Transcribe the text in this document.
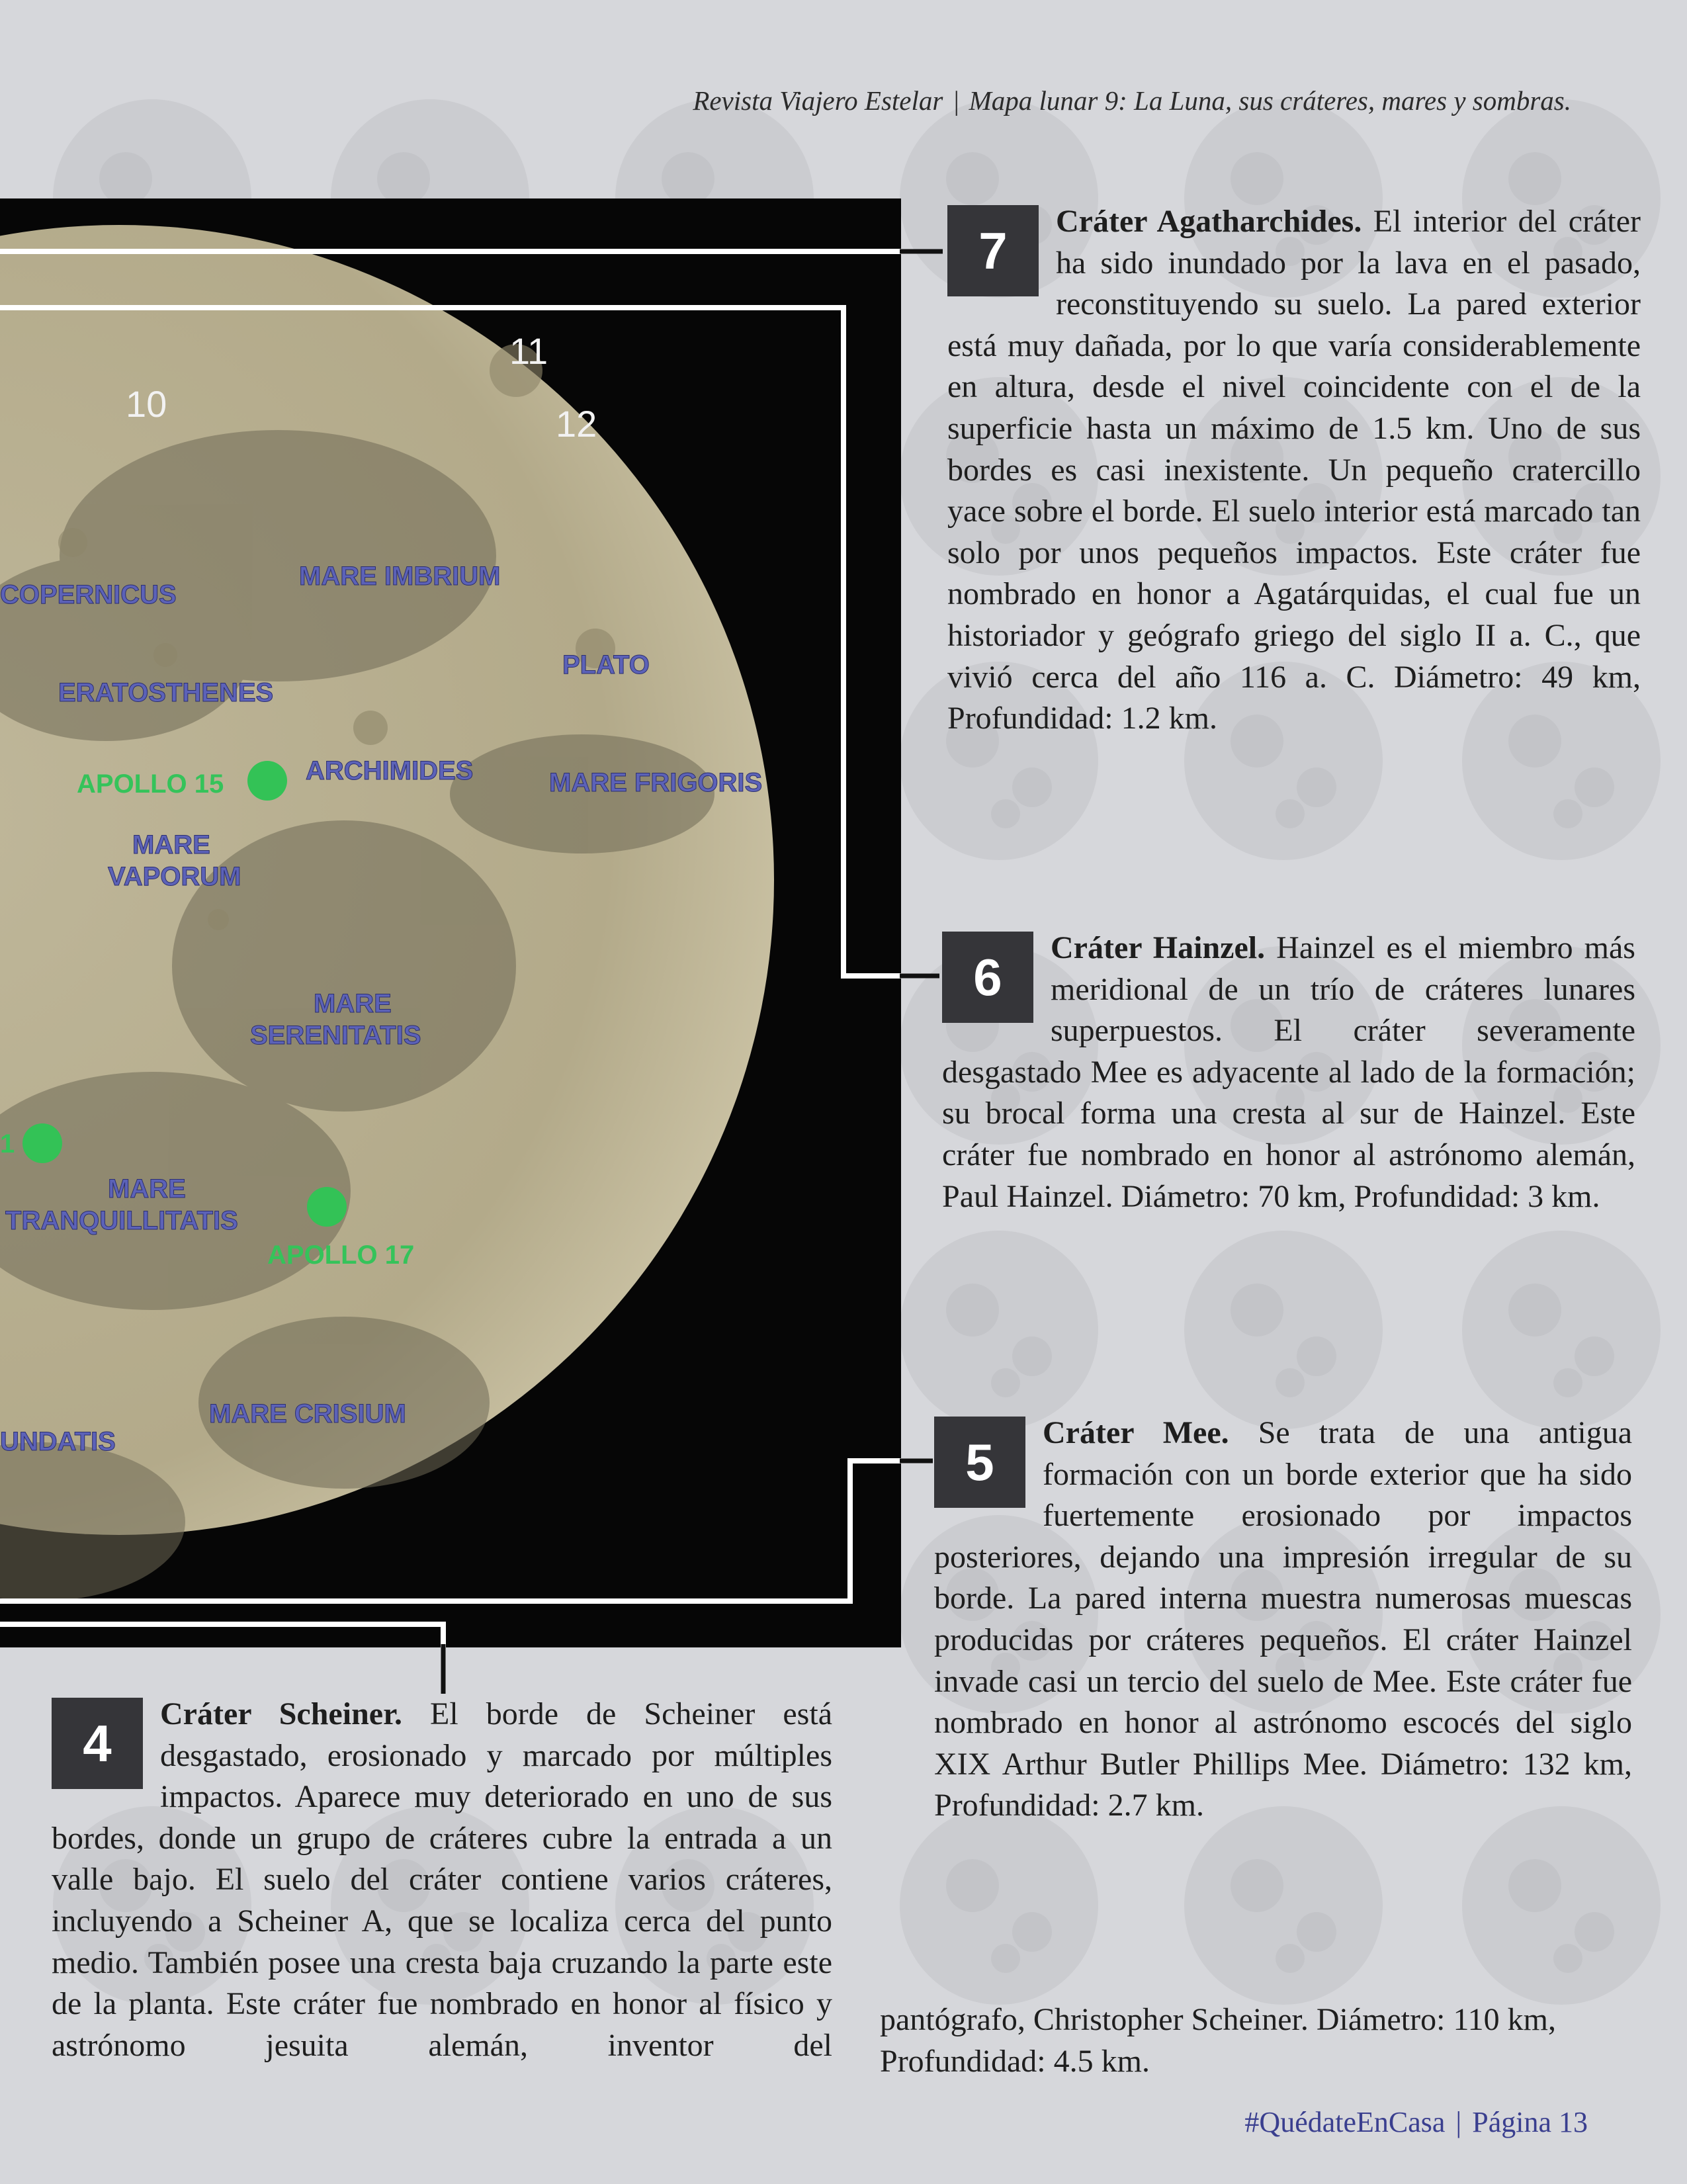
Revista Viajero Estelar | Mapa lunar 9: La Luna, sus cráteres, mares y sombras.
10
11
12
COPERNICUS
MARE IMBRIUM
ERATOSTHENES
PLATO
ARCHIMIDES	MARE FRIGORIS
MARE
VAPORUM
MARE
SERENITATIS
MARE
TRANQUILLITATIS
UNDATIS
MARE CRISIUM
APOLLO 15
APOLLO 17
1
7

Cráter Agatharchides. El interior del cráter ha sido inundado por la lava en el pasado, reconstituyendo su suelo. La pared exterior está muy dañada, por lo que varía considerablemente en altura, desde el nivel coincidente con el de la superficie hasta un máximo de 1.5 km. Uno de sus bordes es casi inexistente. Un pequeño cratercillo yace sobre el borde. El suelo interior está marcado tan solo por unos pequeños impactos. Este cráter fue nombrado en honor a Agatárquidas, el cual fue un historiador y geógrafo griego del siglo II a. C., que vivió cerca del año 116 a. C. Diámetro: 49 km, Profundidad: 1.2 km.

6

Cráter Hainzel. Hainzel es el miembro más meridional de un trío de cráteres lunares superpuestos. El cráter severamente desgastado Mee es adyacente al lado de la formación; su brocal forma una cresta al sur de Hainzel. Este cráter fue nombrado en honor al astrónomo alemán, Paul Hainzel. Diámetro: 70 km, Profundidad: 3 km.

5

Cráter Mee. Se trata de una antigua formación con un borde exterior que ha sido fuertemente erosionado por impactos posteriores, dejando una impresión irregular de su borde. La pared interna muestra numerosas muescas producidas por cráteres pequeños. El cráter Hainzel invade casi un tercio del suelo de Mee. Este cráter fue nombrado en honor al astrónomo escocés del siglo XIX Arthur Butler Phillips Mee. Diámetro: 132 km, Profundidad: 2.7 km.

4

Cráter Scheiner. El borde de Scheiner está desgastado, erosionado y marcado por múltiples impactos. Aparece muy deteriorado en uno de sus bordes, donde un grupo de cráteres cubre la entrada a un valle bajo. El suelo del cráter contiene varios cráteres, incluyendo a Scheiner A, que se localiza cerca del punto medio. También posee una cresta baja cruzando la parte este de la planta. Este cráter fue nombrado en honor al físico y astrónomo jesuita alemán, inventor del

pantógrafo, Christopher Scheiner. Diámetro: 110 km, Profundidad: 4.5 km.

#QuédateEnCasa | Página 13
